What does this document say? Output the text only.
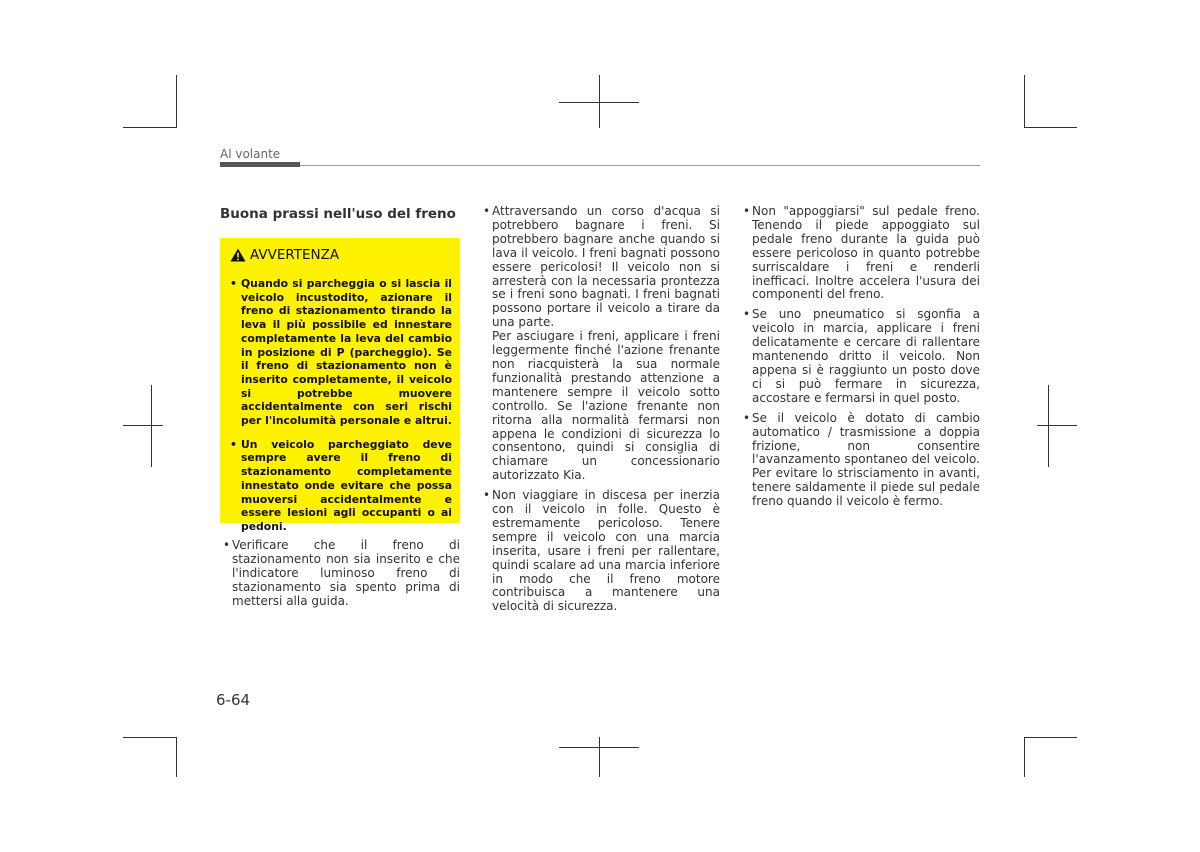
Al volante
Buona prassi nell'uso del freno
AVVERTENZA
• Quando si parcheggia o si lascia il veicolo incustodito, azionare il freno di stazionamento tirando la leva il più possibile ed innestare completamente la leva del cambio in posizione di P (parcheggio). Se il freno di stazionamento non è inserito completamente, il veicolo si potrebbe muovere accidentalmente con seri rischi per l'incolumità personale e altrui.
• Un veicolo parcheggiato deve sempre avere il freno di stazionamento completamente innestato onde evitare che possa muoversi accidentalmente e essere lesioni agli occupanti o ai pedoni.
• Verificare che il freno di stazionamento non sia inserito e che l'indicatore luminoso freno di stazionamento sia spento prima di mettersi alla guida.

• Attraversando un corso d'acqua si potrebbero bagnare i freni. Si potrebbero bagnare anche quando si lava il veicolo. I freni bagnati possono essere pericolosi! Il veicolo non si arresterà con la necessaria prontezza se i freni sono bagnati. I freni bagnati possono portare il veicolo a tirare da una parte.

Per asciugare i freni, applicare i freni leggermente finché l'azione frenante non riacquisterà la sua normale funzionalità prestando attenzione a mantenere sempre il veicolo sotto controllo. Se l'azione frenante non ritorna alla normalità fermarsi non appena le condizioni di sicurezza lo consentono, quindi si consiglia di chiamare un concessionario autorizzato Kia.

• Non viaggiare in discesa per inerzia con il veicolo in folle. Questo è estremamente pericoloso. Tenere sempre il veicolo con una marcia inserita, usare i freni per rallentare, quindi scalare ad una marcia inferiore in modo che il freno motore contribuisca a mantenere una velocità di sicurezza.

• Non "appoggiarsi" sul pedale freno. Tenendo il piede appoggiato sul pedale freno durante la guida può essere pericoloso in quanto potrebbe surriscaldare i freni e renderli inefficaci. Inoltre accelera l'usura dei componenti del freno.

• Se uno pneumatico si sgonfia a veicolo in marcia, applicare i freni delicatamente e cercare di rallentare mantenendo dritto il veicolo. Non appena si è raggiunto un posto dove ci si può fermare in sicurezza, accostare e fermarsi in quel posto.

• Se il veicolo è dotato di cambio automatico / trasmissione a doppia frizione, non consentire l'avanzamento spontaneo del veicolo. Per evitare lo strisciamento in avanti, tenere saldamente il piede sul pedale freno quando il veicolo è fermo.

6-64
